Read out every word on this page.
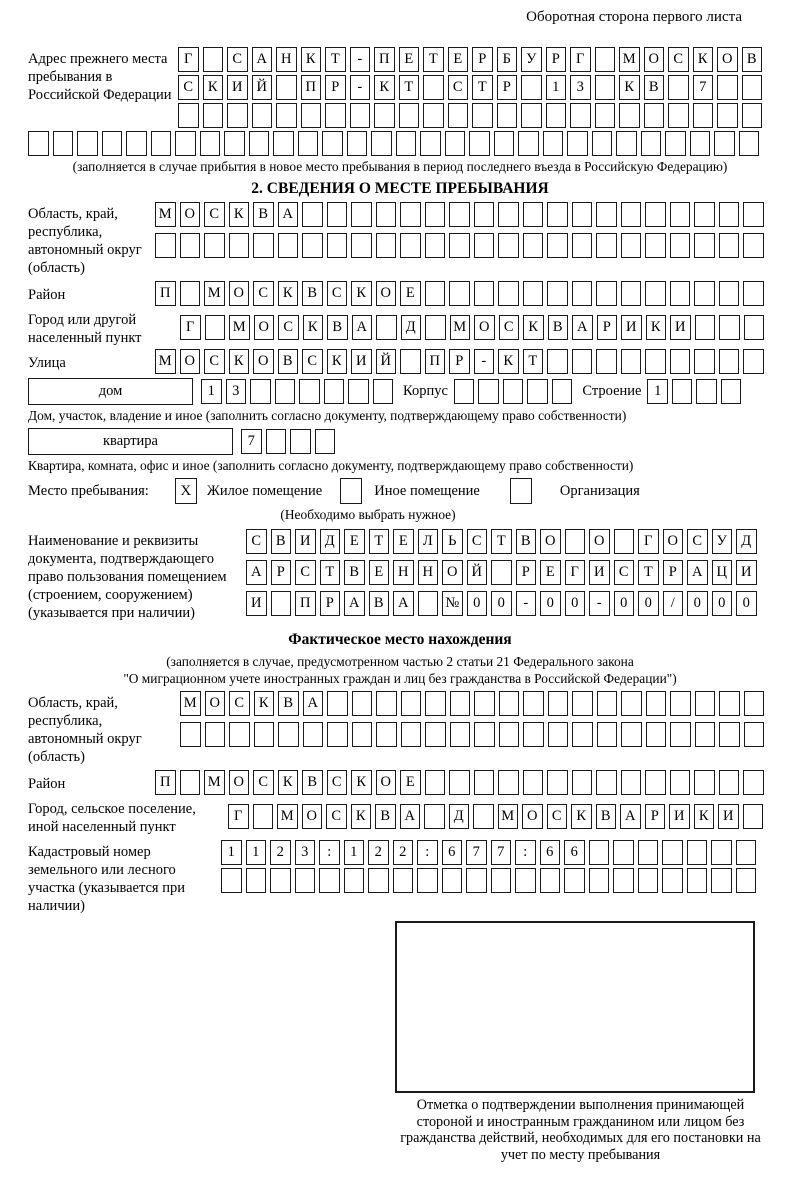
Оборотная сторона первого листа
Адрес прежнего места пребывания в Российской Федерации
Г	С А Н К	Т	-	П	Е	Т	Е	Р	Б	У	Р	Г	М О С	К О В
С	К И Й	П	Р	-	К	Т	С	Т	Р	1	3	К	В	7
(заполняется в случае прибытия в новое место пребывания в период последнего въезда в Российскую Федерацию)
2. СВЕДЕНИЯ О МЕСТЕ ПРЕБЫВАНИЯ
Область, край, республика, автономный округ (область)
М О С	К	В А
Район	П	М О С	К	В	С	К О	Е
Город или другой населенный пункт
Г	М О С	К	В А	Д	М О С	К	В А	Р	И К И
Улица	М О С	К О В	С	К И Й	П	Р	-	К	Т
дом	1	3	Корпус	Строение 1
Дом, участок, владение и иное (заполнить согласно документу, подтверждающему право собственности)
квартира	7
Квартира, комната, офис и иное (заполнить согласно документу, подтверждающему право собственности)
Место пребывания:	X	Жилое помещение	Иное помещение	Организация
(Необходимо выбрать нужное)
Наименование и реквизиты документа, подтверждающего право пользования помещением (строением, сооружением) (указывается при наличии)
С	В И Д	Е	Т	Е	Л	Ь	С	Т	В О	О	Г	О С	У Д
А	Р	С	Т	В	Е	Н Н О Й	Р	Е	Г	И С	Т	Р	А Ц И
И	П	Р	А В А	№ 0	0	-	0	0	-	0	0	/	0	0	0
Фактическое место нахождения
(заполняется в случае, предусмотренном частью 2 статьи 21 Федерального закона
"О миграционном учете иностранных граждан и лиц без гражданства в Российской Федерации")
Область, край, республика, автономный округ (область)
М О С	К	В А
Район	П	М О С	К	В	С	К О	Е
Город, сельское поселение, иной населенный пункт
Г	М О С	К	В А	Д	М О С	К	В А	Р	И К И
Кадастровый номер земельного или лесного участка (указывается при наличии)
1	1	2	3	:	1	2	2	:	6	7	7	:	6	6
Отметка о подтверждении выполнения принимающей стороной и иностранным гражданином или лицом без гражданства действий, необходимых для его постановки на учет по месту пребывания
